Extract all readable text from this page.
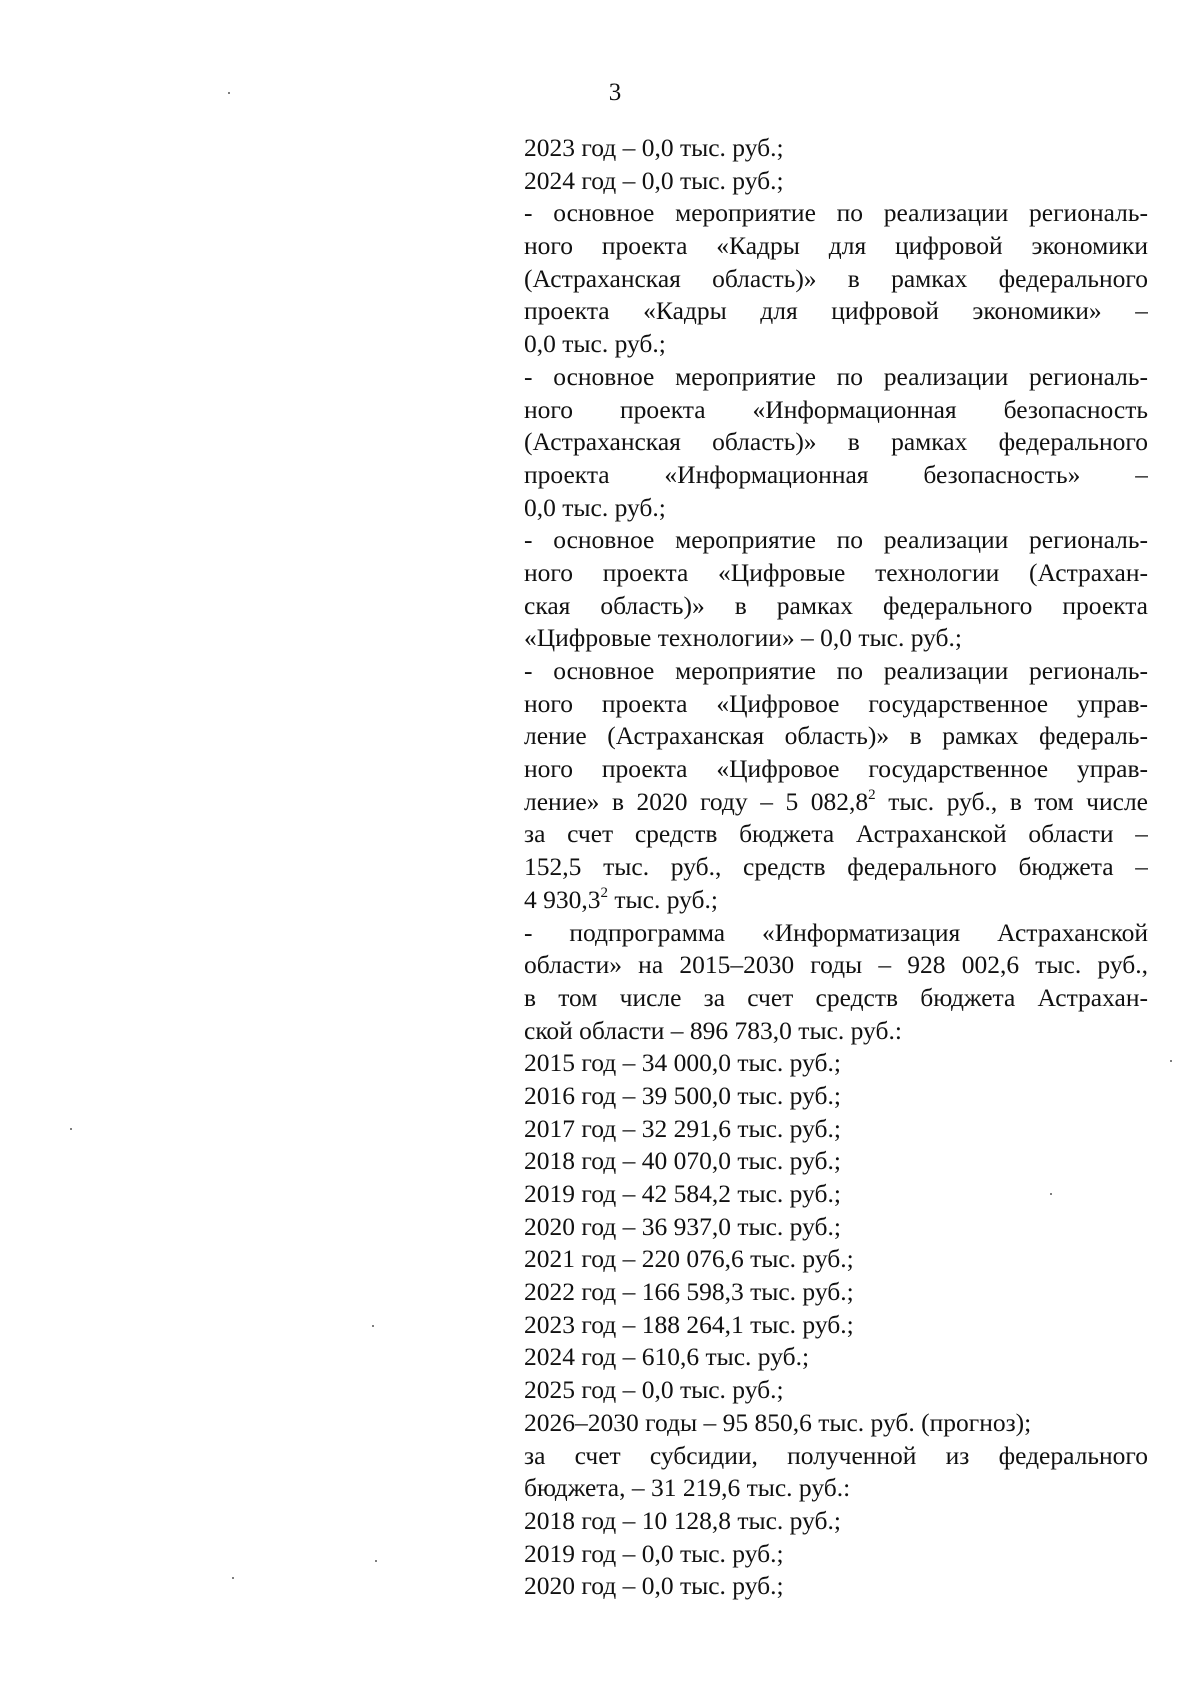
3
2023 год – 0,0 тыс. руб.;
2024 год – 0,0 тыс. руб.;
- основное мероприятие по реализации региональ-
ного проекта «Кадры для цифровой экономики
(Астраханская область)» в рамках федерального
проекта «Кадры для цифровой экономики» –
0,0 тыс. руб.;
- основное мероприятие по реализации региональ-
ного проекта «Информационная безопасность
(Астраханская область)» в рамках федерального
проекта «Информационная безопасность» –
0,0 тыс. руб.;
- основное мероприятие по реализации региональ-
ного проекта «Цифровые технологии (Астрахан-
ская область)» в рамках федерального проекта
«Цифровые технологии» – 0,0 тыс. руб.;
- основное мероприятие по реализации региональ-
ного проекта «Цифровое государственное управ-
ление (Астраханская область)» в рамках федераль-
ного проекта «Цифровое государственное управ-
ление» в 2020 году – 5 082,8$^2$ тыс. руб., в том числе
за счет средств бюджета Астраханской области –
152,5 тыс. руб., средств федерального бюджета –
4 930,3$^2$ тыс. руб.;
- подпрограмма «Информатизация Астраханской
области» на 2015–2030 годы – 928 002,6 тыс. руб.,
в том числе за счет средств бюджета Астрахан-
ской области – 896 783,0 тыс. руб.:
2015 год – 34 000,0 тыс. руб.;
2016 год – 39 500,0 тыс. руб.;
2017 год – 32 291,6 тыс. руб.;
2018 год – 40 070,0 тыс. руб.;
2019 год – 42 584,2 тыс. руб.;
2020 год – 36 937,0 тыс. руб.;
2021 год – 220 076,6 тыс. руб.;
2022 год – 166 598,3 тыс. руб.;
2023 год – 188 264,1 тыс. руб.;
2024 год – 610,6 тыс. руб.;
2025 год – 0,0 тыс. руб.;
2026–2030 годы – 95 850,6 тыс. руб. (прогноз);
за счет субсидии, полученной из федерального
бюджета, – 31 219,6 тыс. руб.:
2018 год – 10 128,8 тыс. руб.;
2019 год – 0,0 тыс. руб.;
2020 год – 0,0 тыс. руб.;
